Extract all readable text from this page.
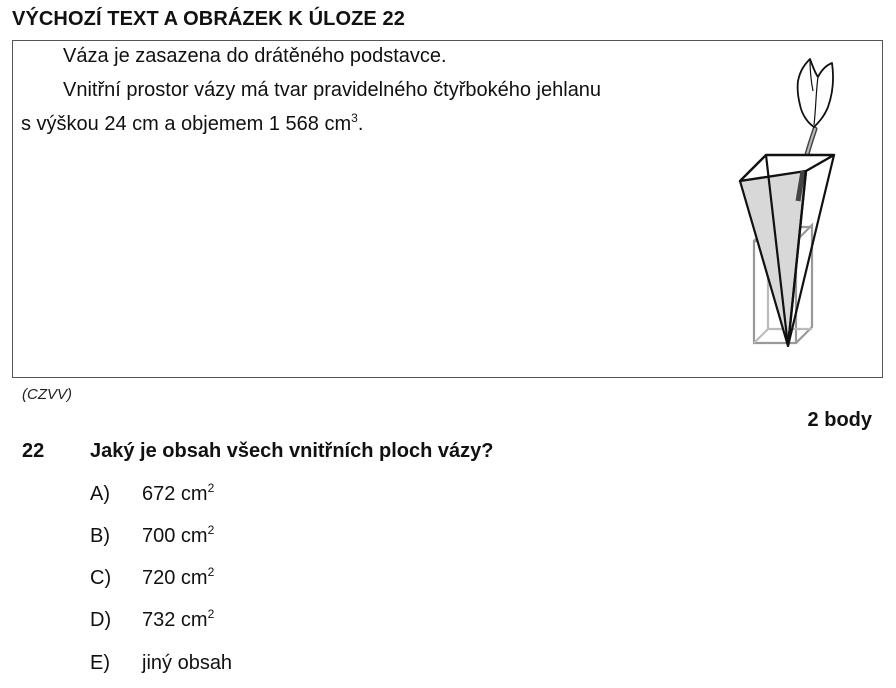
VÝCHOZÍ TEXT A OBRÁZEK K ÚLOZE 22
Váza je zasazena do drátěného podstavce.
Vnitřní prostor vázy má tvar pravidelného čtyřbokého jehlanu
s výškou 24 cm a objemem 1 568 $cm^3$.
(CZVV)
2 body
22 Jaký je obsah všech vnitřních ploch vázy?
A) 672 $cm^2$
B) 700 $cm^2$
C) 720 $cm^2$
D) 732 $cm^2$
E) jiný obsah
